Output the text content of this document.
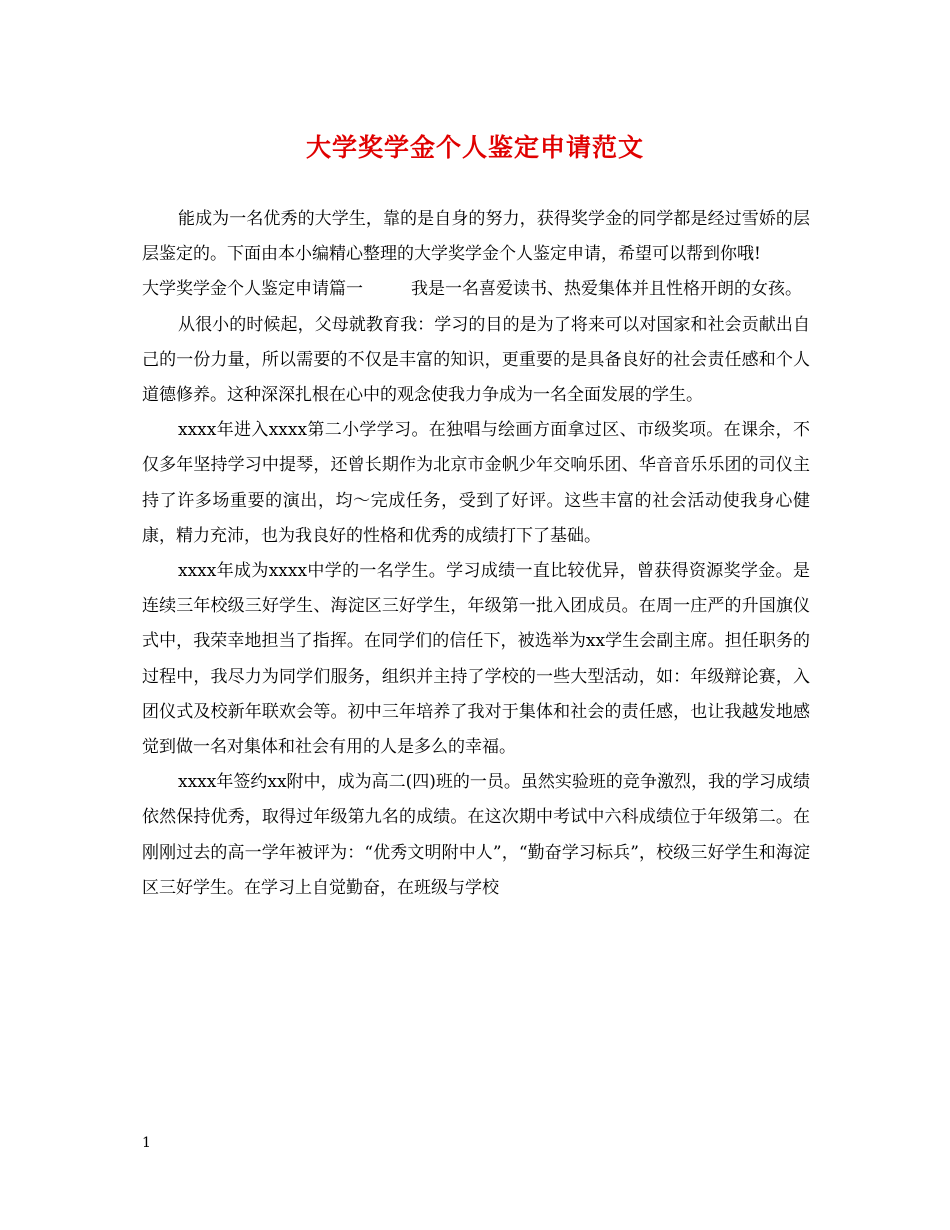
大学奖学金个人鉴定申请范文

能成为一名优秀的大学生，靠的是自身的努力，获得奖学金的同学都是经过雪娇的层层鉴定的。下面由本小编精心整理的大学奖学金个人鉴定申请，希望可以帮到你哦!

大学奖学金个人鉴定申请篇一	我是一名喜爱读书、热爱集体并且性格开朗的女孩。

从很小的时候起，父母就教育我：学习的目的是为了将来可以对国家和社会贡献出自己的一份力量，所以需要的不仅是丰富的知识，更重要的是具备良好的社会责任感和个人道德修养。这种深深扎根在心中的观念使我力争成为一名全面发展的学生。

xxxx年进入xxxx第二小学学习。在独唱与绘画方面拿过区、市级奖项。在课余，不仅多年坚持学习中提琴，还曾长期作为北京市金帆少年交响乐团、华音音乐乐团的司仪主持了许多场重要的演出，均～完成任务，受到了好评。这些丰富的社会活动使我身心健康，精力充沛，也为我良好的性格和优秀的成绩打下了基础。

xxxx年成为xxxx中学的一名学生。学习成绩一直比较优异，曾获得资源奖学金。是连续三年校级三好学生、海淀区三好学生，年级第一批入团成员。在周一庄严的升国旗仪式中，我荣幸地担当了指挥。在同学们的信任下，被选举为xx学生会副主席。担任职务的过程中，我尽力为同学们服务，组织并主持了学校的一些大型活动，如：年级辩论赛，入团仪式及校新年联欢会等。初中三年培养了我对于集体和社会的责任感，也让我越发地感觉到做一名对集体和社会有用的人是多么的幸福。

xxxx年签约xx附中，成为高二(四)班的一员。虽然实验班的竞争激烈，我的学习成绩依然保持优秀，取得过年级第九名的成绩。在这次期中考试中六科成绩位于年级第二。在刚刚过去的高一学年被评为：“优秀文明附中人”，“勤奋学习标兵”，校级三好学生和海淀区三好学生。在学习上自觉勤奋，在班级与学校

1
